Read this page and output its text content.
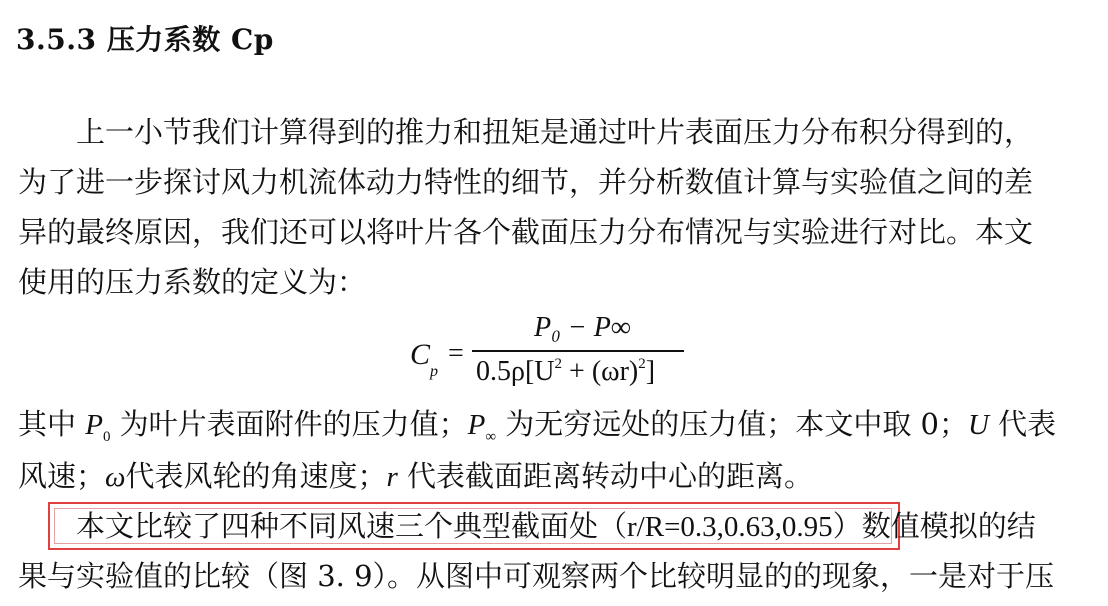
3.5.3 压力系数 Cp
上一小节我们计算得到的推力和扭矩是通过叶片表面压力分布积分得到的，
为了进一步探讨风力机流体动力特性的细节，并分析数值计算与实验值之间的差
异的最终原因，我们还可以将叶片各个截面压力分布情况与实验进行对比。本文
使用的压力系数的定义为：
$C_p$
=
P₀ − P∞
$0.5\rho[U^2 + (\omega r)^2]$
其中 $P_0$ 为叶片表面附件的压力值；$P_\infty$ 为无穷远处的压力值；本文中取 0；U 代表
风速；ω代表风轮的角速度；r 代表截面距离转动中心的距离。
本文比较了四种不同风速三个典型截面处（r/R=0.3,0.63,0.95）数值模拟的结
果与实验值的比较（图 3. 9）。从图中可观察两个比较明显的的现象，一是对于压
